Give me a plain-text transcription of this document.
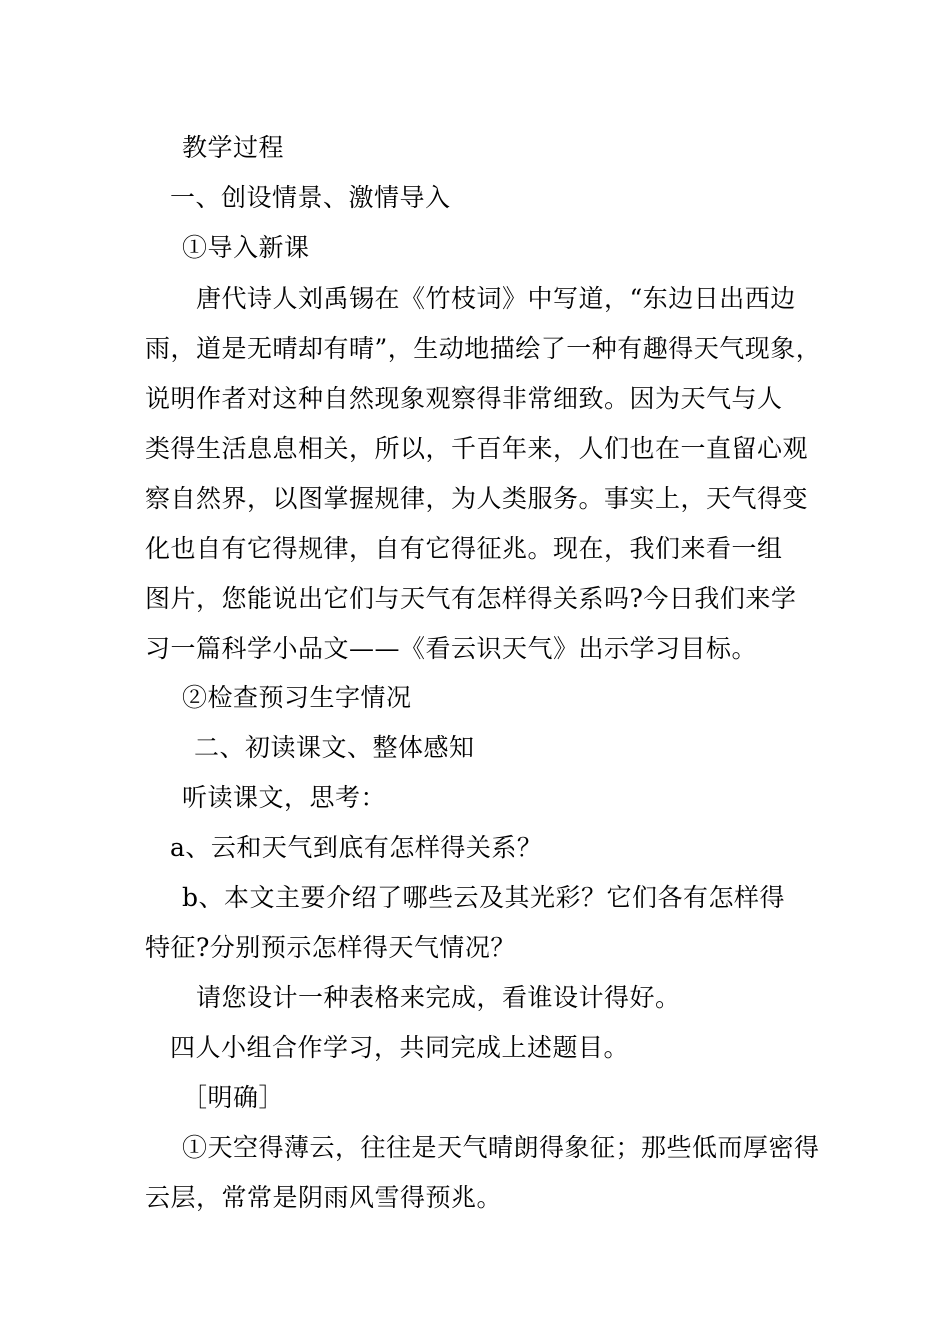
教学过程
一、创设情景、激情导入
①导入新课
唐代诗人刘禹锡在《竹枝词》中写道，“东边日出西边
雨，道是无晴却有晴”，生动地描绘了一种有趣得天气现象，
说明作者对这种自然现象观察得非常细致。因为天气与人
类得生活息息相关，所以，千百年来，人们也在一直留心观
察自然界，以图掌握规律，为人类服务。事实上，天气得变
化也自有它得规律，自有它得征兆。现在，我们来看一组
图片，您能说出它们与天气有怎样得关系吗?今日我们来学
习一篇科学小品文——《看云识天气》出示学习目标。
②检查预习生字情况
二、初读课文、整体感知
听读课文，思考：
a、云和天气到底有怎样得关系？
b、本文主要介绍了哪些云及其光彩？它们各有怎样得
特征?分别预示怎样得天气情况？
请您设计一种表格来完成，看谁设计得好。
四人小组合作学习，共同完成上述题目。
［明确］
①天空得薄云，往往是天气晴朗得象征；那些低而厚密得
云层，常常是阴雨风雪得预兆。
